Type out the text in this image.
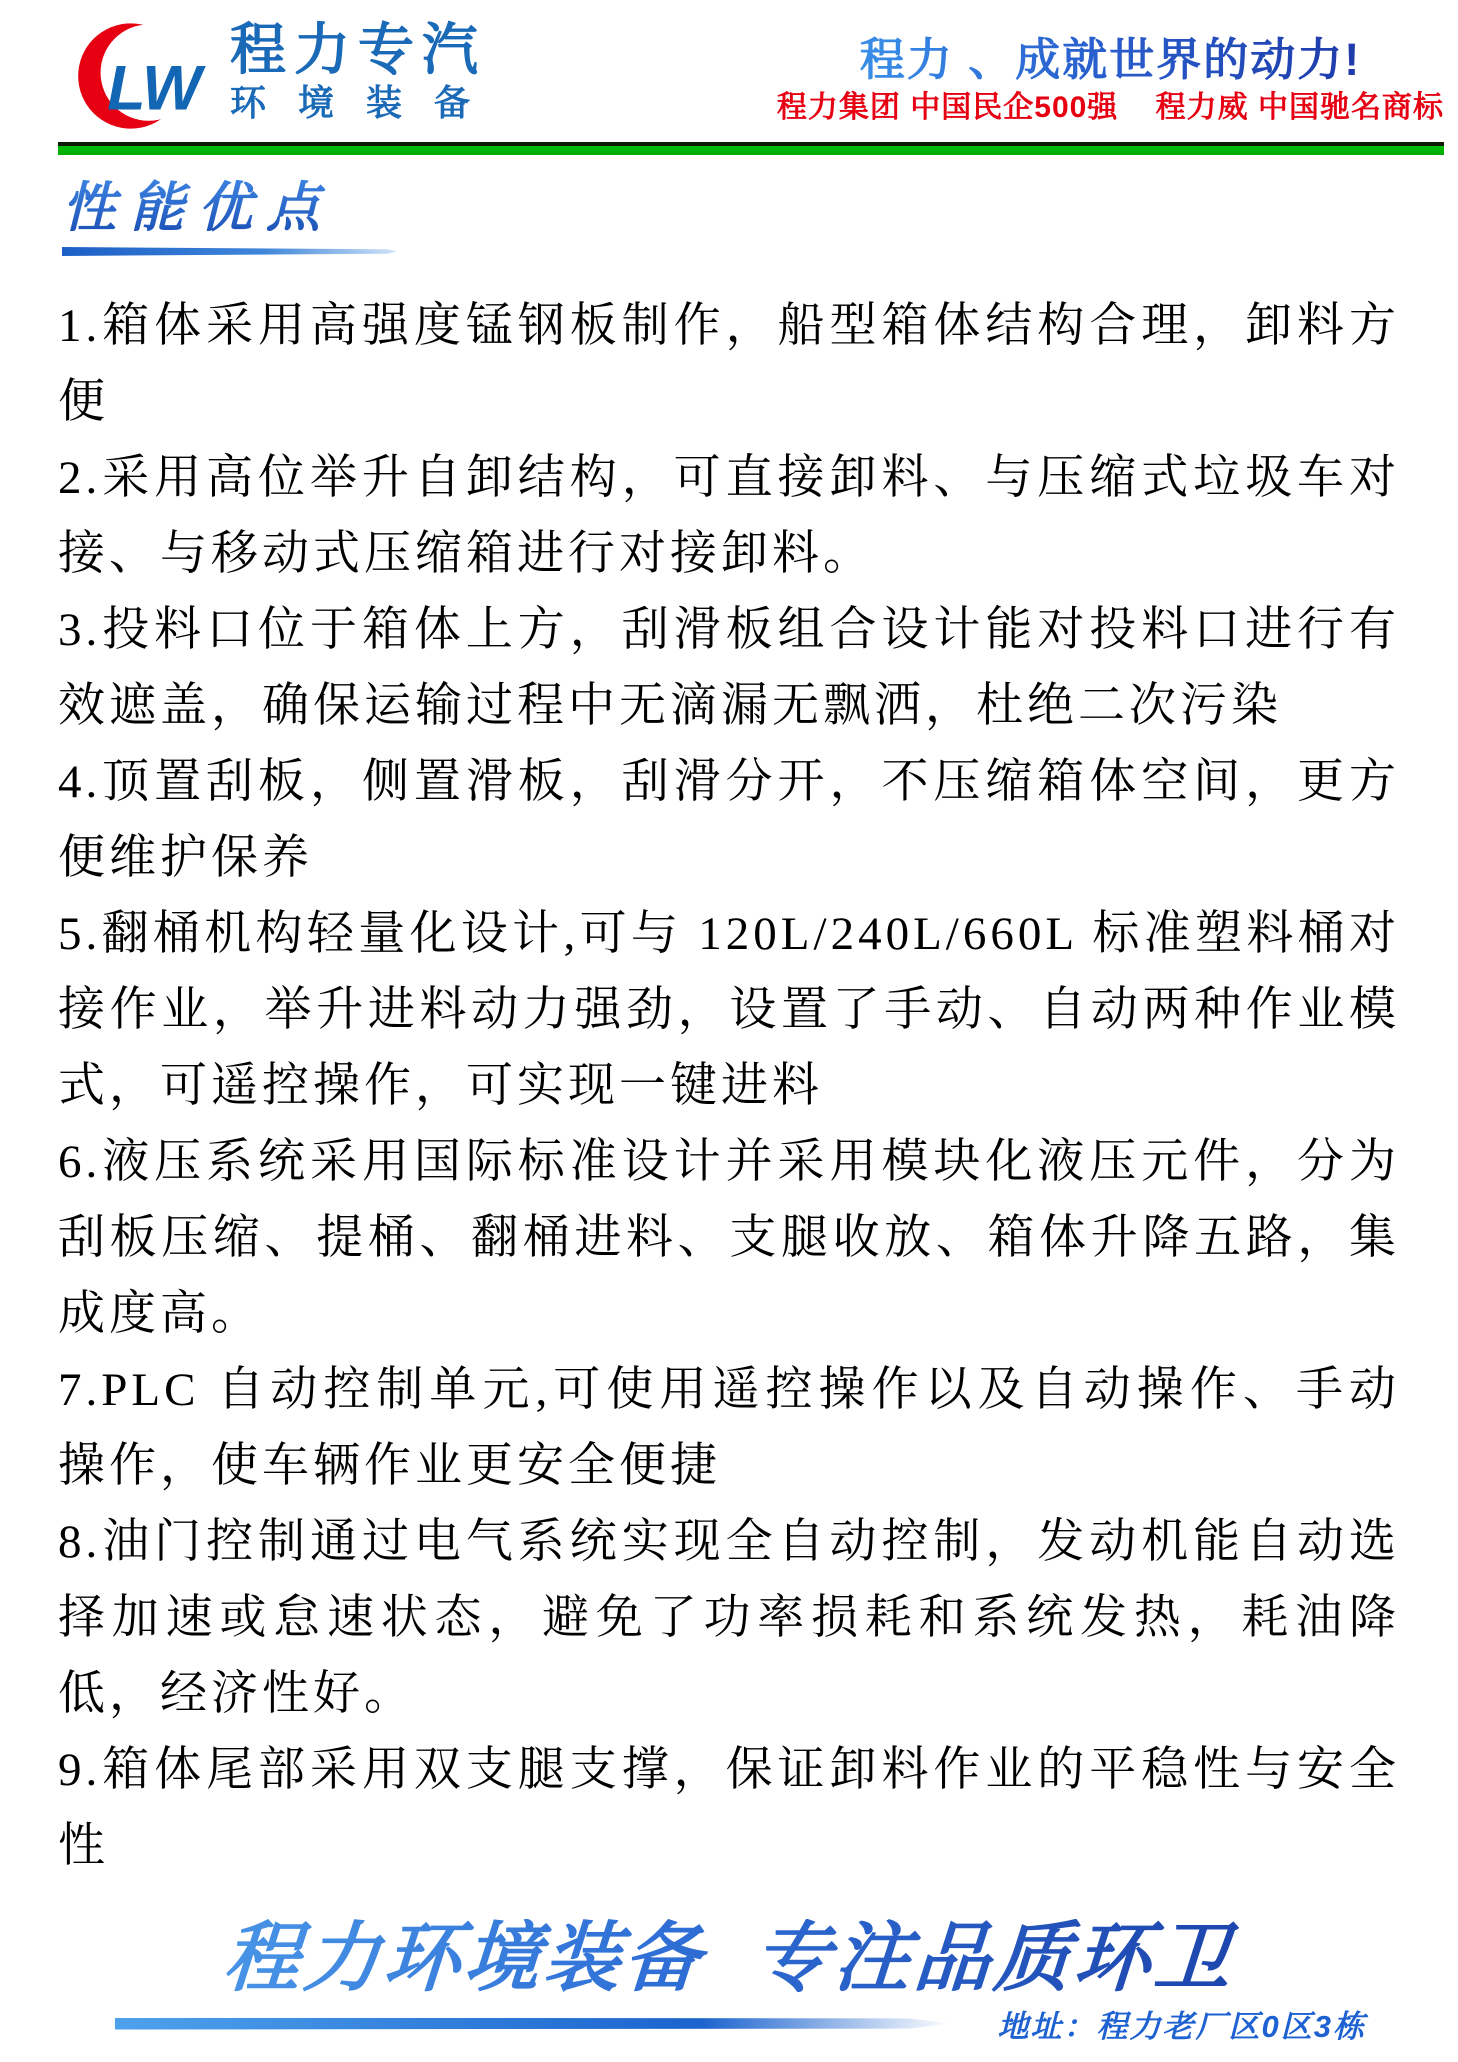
LW
程力专汽
环境装备
程力 、成就世界的动力!
程力集团 中国民企500强    程力威 中国驰名商标
性能优点

1.箱体采用高强度锰钢板制作，船型箱体结构合理，卸料方便

2.采用高位举升自卸结构，可直接卸料、与压缩式垃圾车对接、与移动式压缩箱进行对接卸料。

3.投料口位于箱体上方，刮滑板组合设计能对投料口进行有效遮盖，确保运输过程中无滴漏无飘洒，杜绝二次污染

4.顶置刮板，侧置滑板，刮滑分开，不压缩箱体空间，更方便维护保养

5.翻桶机构轻量化设计,可与 120L/240L/660L 标准塑料桶对接作业，举升进料动力强劲，设置了手动、自动两种作业模式，可遥控操作，可实现一键进料

6.液压系统采用国际标准设计并采用模块化液压元件，分为刮板压缩、提桶、翻桶进料、支腿收放、箱体升降五路，集成度高。

7.PLC 自动控制单元,可使用遥控操作以及自动操作、手动操作，使车辆作业更安全便捷

8.油门控制通过电气系统实现全自动控制，发动机能自动选择加速或怠速状态，避免了功率损耗和系统发热，耗油降低，经济性好。

9.箱体尾部采用双支腿支撑，保证卸料作业的平稳性与安全性

程力环境装备  专注品质环卫
地址：程力老厂区0区3栋
